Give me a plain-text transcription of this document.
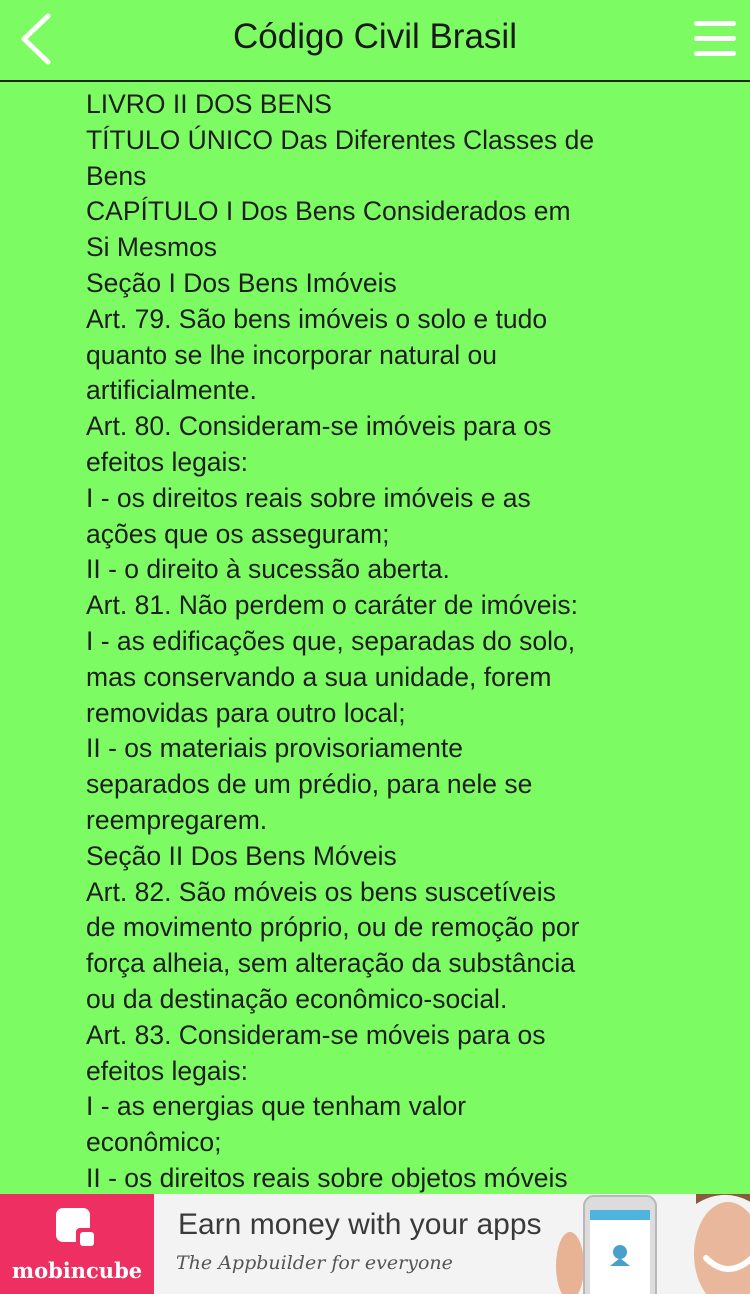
Código Civil Brasil
LIVRO II DOS BENS
TÍTULO ÚNICO Das Diferentes Classes de
Bens
CAPÍTULO I Dos Bens Considerados em
Si Mesmos
Seção I Dos Bens Imóveis
Art. 79. São bens imóveis o solo e tudo
quanto se lhe incorporar natural ou
artificialmente.
Art. 80. Consideram-se imóveis para os
efeitos legais:
I - os direitos reais sobre imóveis e as
ações que os asseguram;
II - o direito à sucessão aberta.
Art. 81. Não perdem o caráter de imóveis:
I - as edificações que, separadas do solo,
mas conservando a sua unidade, forem
removidas para outro local;
II - os materiais provisoriamente
separados de um prédio, para nele se
reempregarem.
Seção II Dos Bens Móveis
Art. 82. São móveis os bens suscetíveis
de movimento próprio, ou de remoção por
força alheia, sem alteração da substância
ou da destinação econômico-social.
Art. 83. Consideram-se móveis para os
efeitos legais:
I - as energias que tenham valor
econômico;
II - os direitos reais sobre objetos móveis
mobincube
Earn money with your apps
The Appbuilder for everyone
